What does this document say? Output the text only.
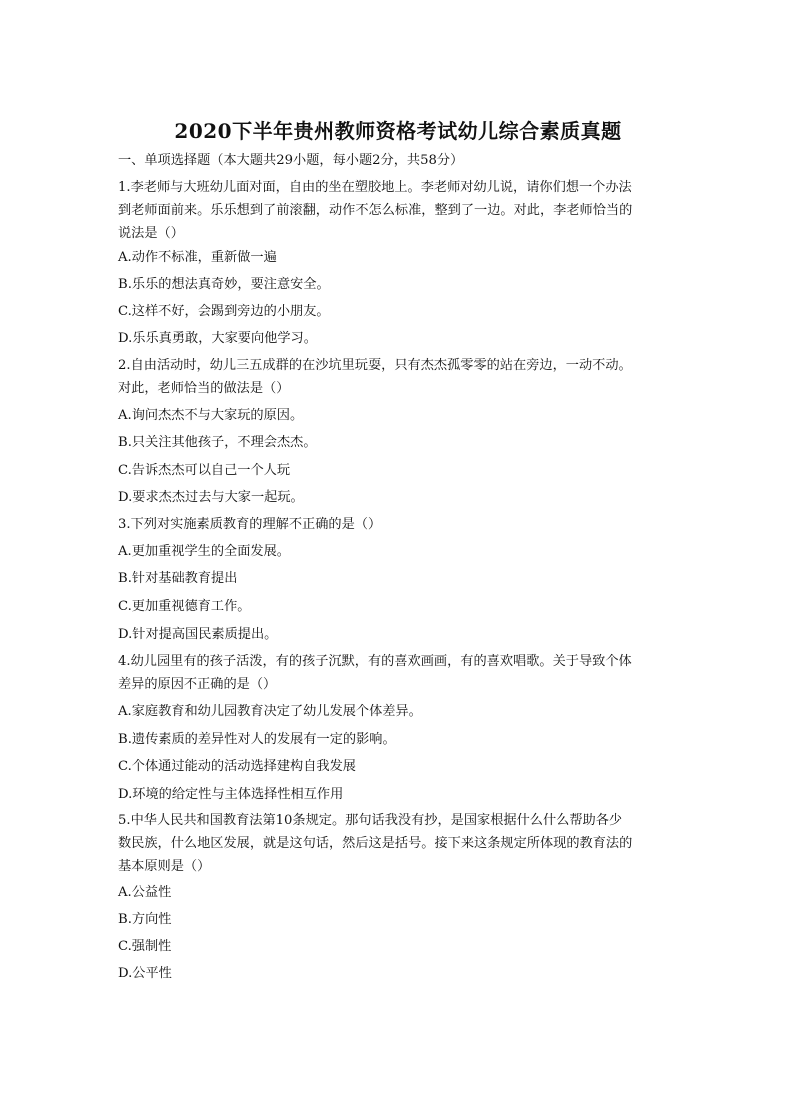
2020下半年贵州教师资格考试幼儿综合素质真题
一、单项选择题（本大题共29小题，每小题2分，共58分）
1.李老师与大班幼儿面对面，自由的坐在塑胶地上。李老师对幼儿说，请你们想一个办法
到老师面前来。乐乐想到了前滚翻，动作不怎么标准，整到了一边。对此，李老师恰当的
说法是（）
A.动作不标准，重新做一遍
B.乐乐的想法真奇妙，要注意安全。
C.这样不好，会踢到旁边的小朋友。
D.乐乐真勇敢，大家要向他学习。
2.自由活动时，幼儿三五成群的在沙坑里玩耍，只有杰杰孤零零的站在旁边，一动不动。
对此，老师恰当的做法是（）
A.询问杰杰不与大家玩的原因。
B.只关注其他孩子，不理会杰杰。
C.告诉杰杰可以自己一个人玩
D.要求杰杰过去与大家一起玩。
3.下列对实施素质教育的理解不正确的是（）
A.更加重视学生的全面发展。
B.针对基础教育提出
C.更加重视德育工作。
D.针对提高国民素质提出。
4.幼儿园里有的孩子活泼，有的孩子沉默，有的喜欢画画，有的喜欢唱歌。关于导致个体
差异的原因不正确的是（）
A.家庭教育和幼儿园教育决定了幼儿发展个体差异。
B.遗传素质的差异性对人的发展有一定的影响。
C.个体通过能动的活动选择建构自我发展
D.环境的给定性与主体选择性相互作用
5.中华人民共和国教育法第10条规定。那句话我没有抄，是国家根据什么什么帮助各少
数民族，什么地区发展，就是这句话，然后这是括号。接下来这条规定所体现的教育法的
基本原则是（）
A.公益性
B.方向性
C.强制性
D.公平性
